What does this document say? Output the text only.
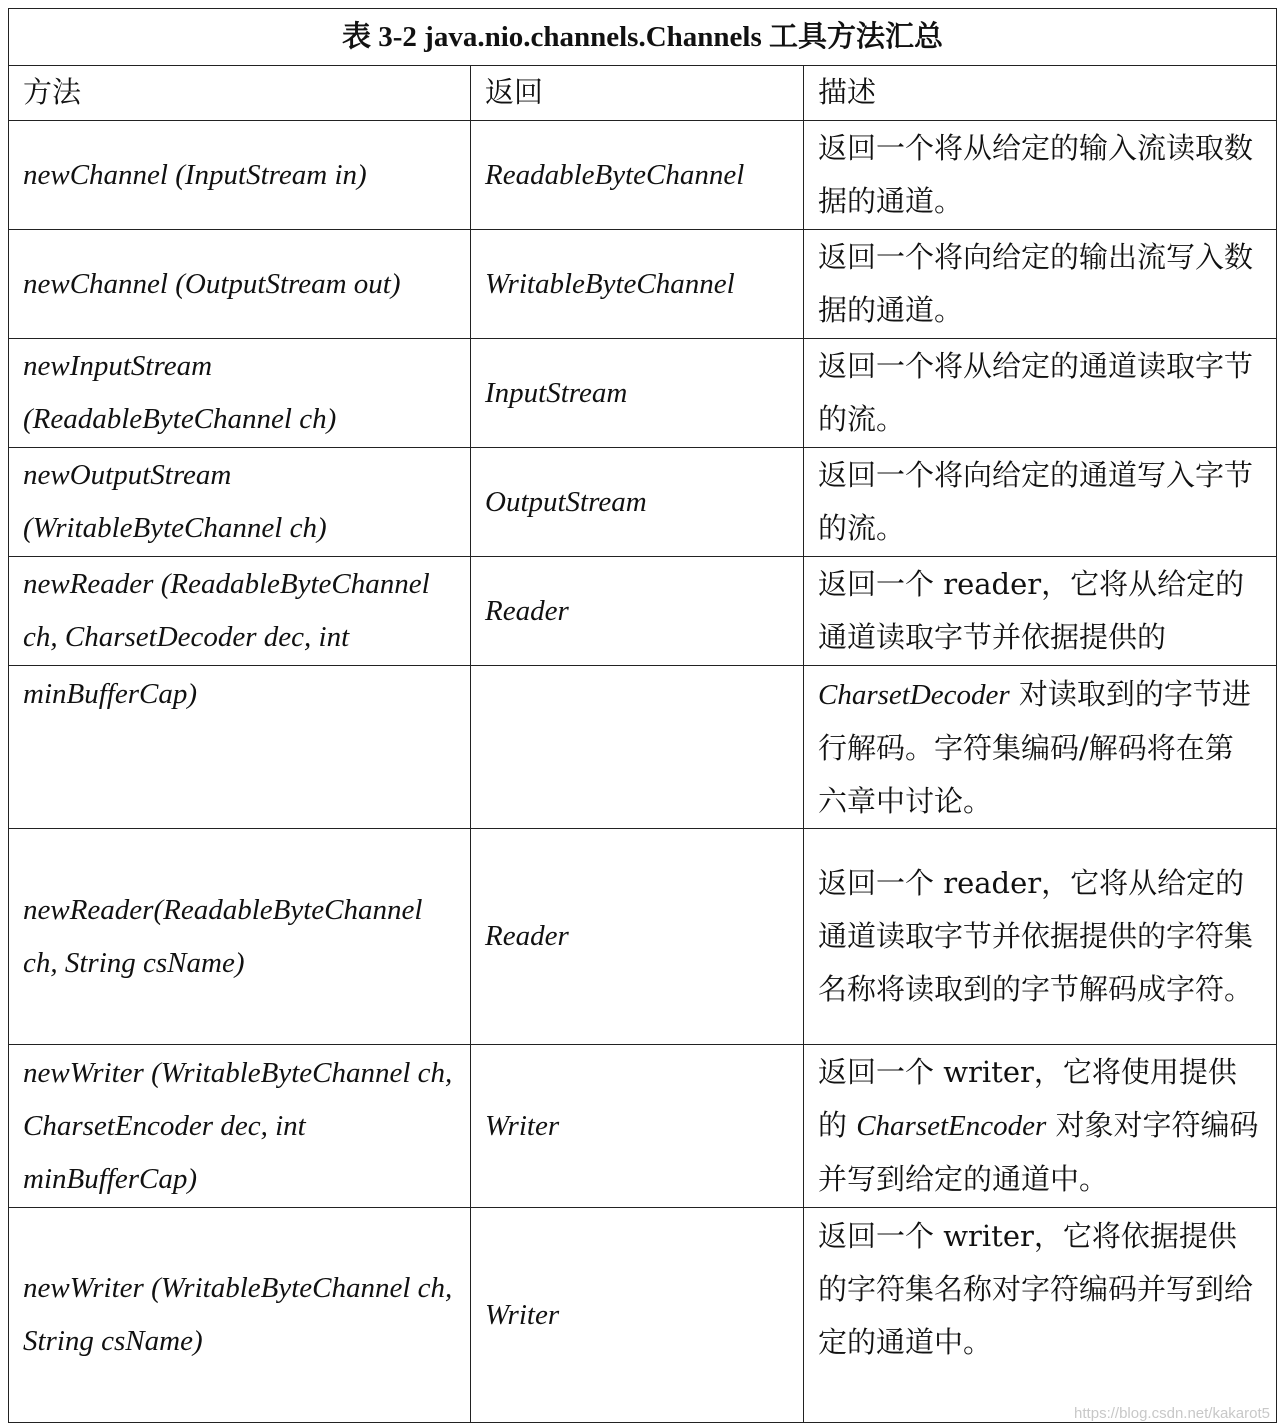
表 3-2 java.nio.channels.Channels 工具方法汇总		
方法	返回	描述
newChannel (InputStream in)	ReadableByteChannel	返回一个将从给定的输入流读取数据的通道。
newChannel (OutputStream out)	WritableByteChannel	返回一个将向给定的输出流写入数据的通道。
newInputStream (ReadableByteChannel ch)	InputStream	返回一个将从给定的通道读取字节的流。
newOutputStream (WritableByteChannel ch)	OutputStream	返回一个将向给定的通道写入字节的流。
newReader (ReadableByteChannel ch, CharsetDecoder dec, int	Reader	返回一个 reader，它将从给定的通道读取字节并依据提供的
minBufferCap)		CharsetDecoder 对读取到的字节进行解码。字符集编码/解码将在第六章中讨论。
newReader(ReadableByteChannel ch, String csName)	Reader	返回一个 reader，它将从给定的通道读取字节并依据提供的字符集名称将读取到的字节解码成字符。
newWriter (WritableByteChannel ch, CharsetEncoder dec, int minBufferCap)	Writer	返回一个 writer，它将使用提供的 CharsetEncoder 对象对字符编码并写到给定的通道中。
newWriter (WritableByteChannel ch, String csName)	Writer	返回一个 writer，它将依据提供的字符集名称对字符编码并写到给定的通道中。
https://blog.csdn.net/kakarot5
